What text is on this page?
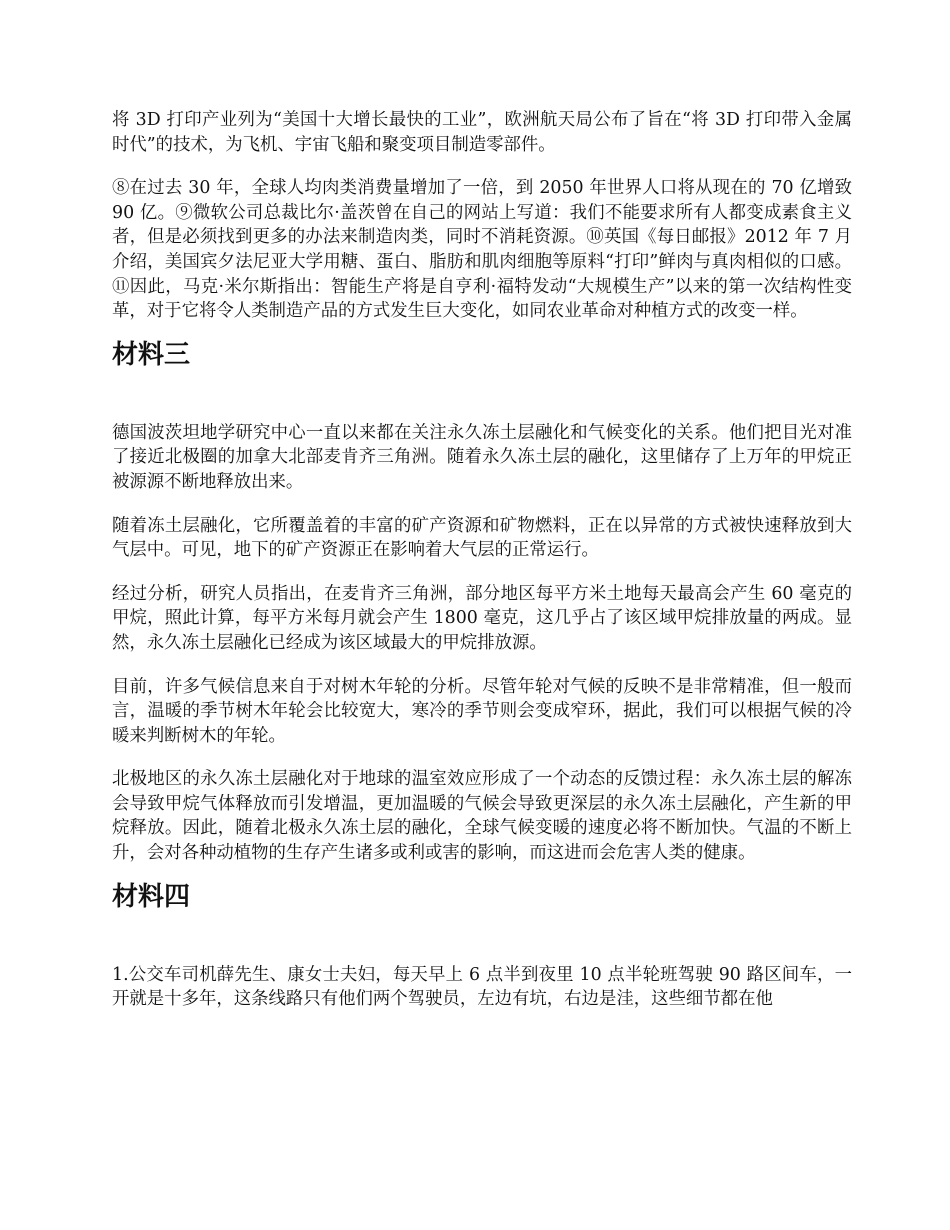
将 3D 打印产业列为“美国十大增长最快的工业”，欧洲航天局公布了旨在“将 3D 打印带入金属时代”的技术，为飞机、宇宙飞船和聚变项目制造零部件。

⑧在过去 30 年，全球人均肉类消费量增加了一倍，到 2050 年世界人口将从现在的 70 亿增致 90 亿。⑨微软公司总裁比尔·盖茨曾在自己的网站上写道：我们不能要求所有人都变成素食主义者，但是必须找到更多的办法来制造肉类，同时不消耗资源。⑩英国《每日邮报》2012 年 7 月介绍，美国宾夕法尼亚大学用糖、蛋白、脂肪和肌肉细胞等原料“打印”鲜肉与真肉相似的口感。⑪因此，马克·米尔斯指出：智能生产将是自亨利·福特发动“大规模生产”以来的第一次结构性变革，对于它将令人类制造产品的方式发生巨大变化，如同农业革命对种植方式的改变一样。

材料三

德国波茨坦地学研究中心一直以来都在关注永久冻土层融化和气候变化的关系。他们把目光对准了接近北极圈的加拿大北部麦肯齐三角洲。随着永久冻土层的融化，这里储存了上万年的甲烷正被源源不断地释放出来。

随着冻土层融化，它所覆盖着的丰富的矿产资源和矿物燃料，正在以异常的方式被快速释放到大气层中。可见，地下的矿产资源正在影响着大气层的正常运行。

经过分析，研究人员指出，在麦肯齐三角洲，部分地区每平方米土地每天最高会产生 60 毫克的甲烷，照此计算，每平方米每月就会产生 1800 毫克，这几乎占了该区域甲烷排放量的两成。显然，永久冻土层融化已经成为该区域最大的甲烷排放源。

目前，许多气候信息来自于对树木年轮的分析。尽管年轮对气候的反映不是非常精准，但一般而言，温暖的季节树木年轮会比较宽大，寒冷的季节则会变成窄环，据此，我们可以根据气候的冷暖来判断树木的年轮。

北极地区的永久冻土层融化对于地球的温室效应形成了一个动态的反馈过程：永久冻土层的解冻会导致甲烷气体释放而引发增温，更加温暖的气候会导致更深层的永久冻土层融化，产生新的甲烷释放。因此，随着北极永久冻土层的融化，全球气候变暖的速度必将不断加快。气温的不断上升，会对各种动植物的生存产生诸多或利或害的影响，而这进而会危害人类的健康。

材料四

1.公交车司机薛先生、康女士夫妇，每天早上 6 点半到夜里 10 点半轮班驾驶 90 路区间车，一开就是十多年，这条线路只有他们两个驾驶员，左边有坑，右边是洼，这些细节都在他
